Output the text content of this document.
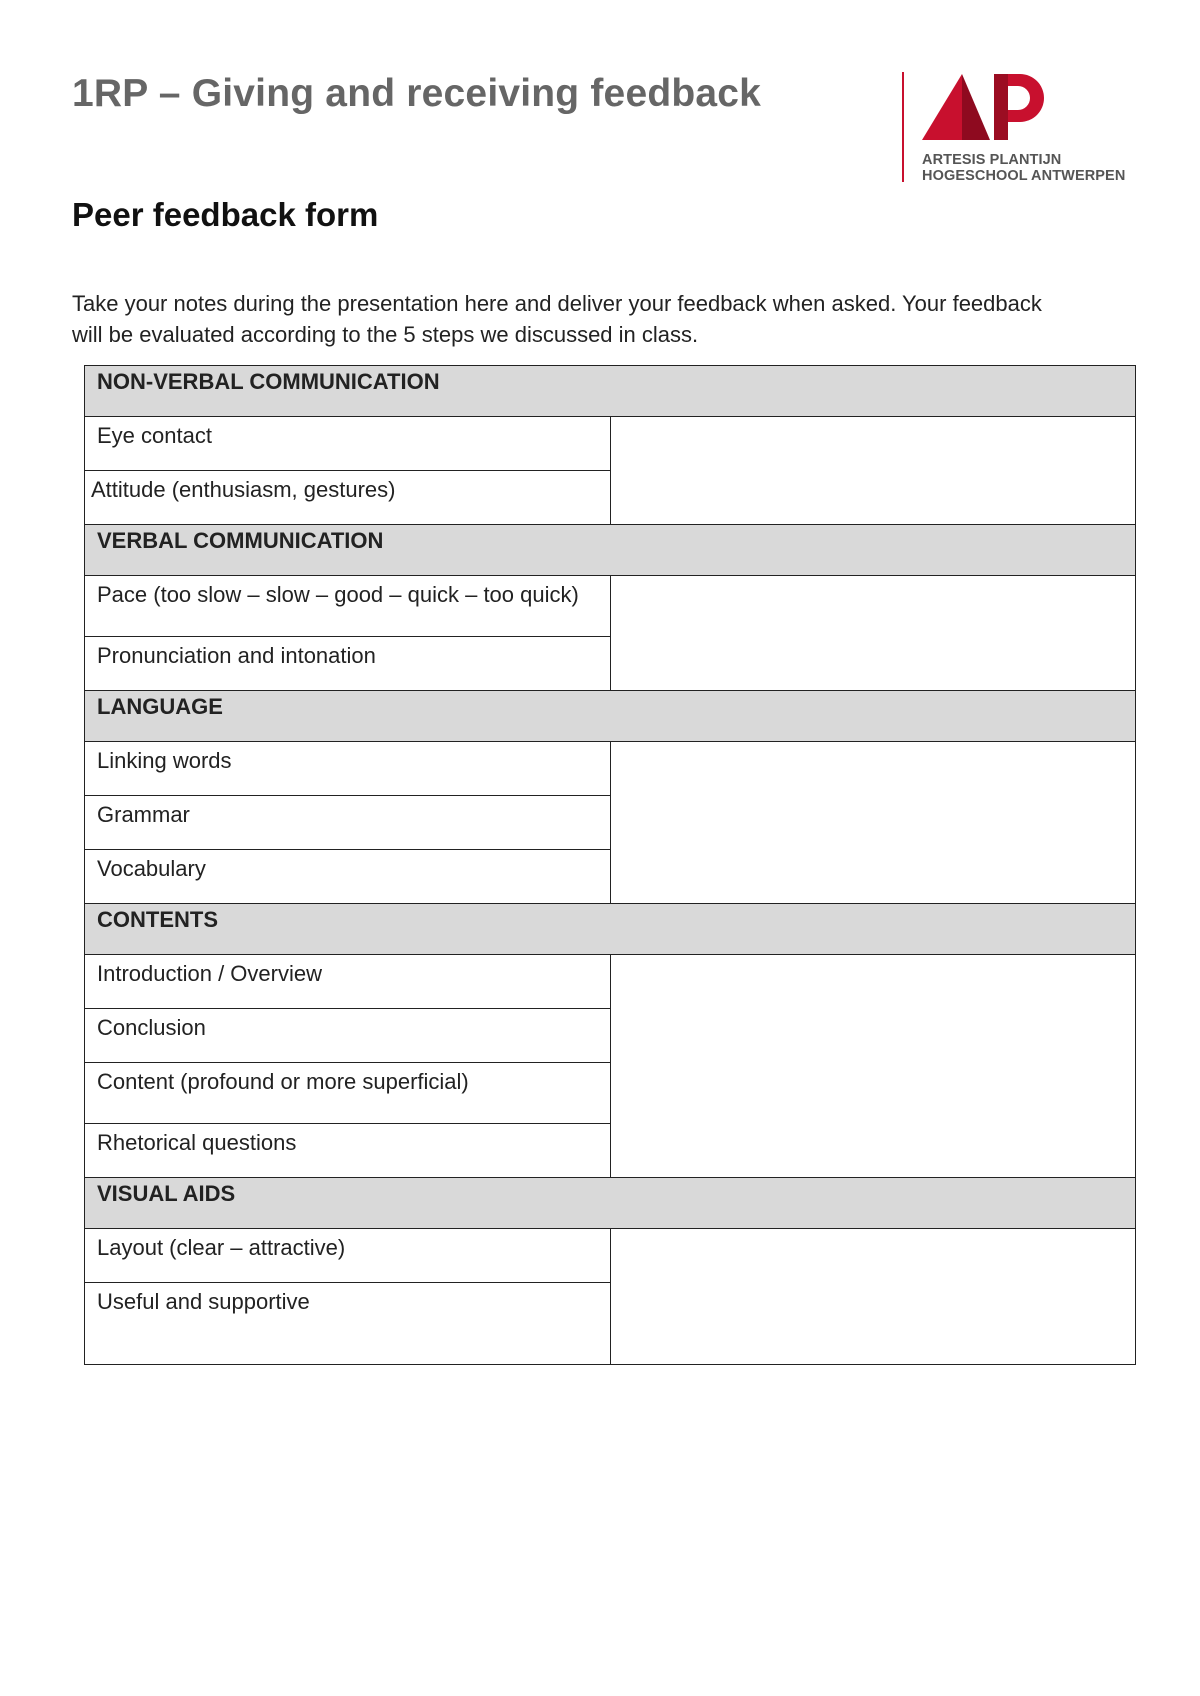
1RP – Giving and receiving feedback
ARTESIS PLANTIJN
HOGESCHOOL ANTWERPEN
Peer feedback form

Take your notes during the presentation here and deliver your feedback when asked. Your feedback will be evaluated according to the 5 steps we discussed in class.

NON-VERBAL COMMUNICATION	
Eye contact	
Attitude (enthusiasm, gestures)	
VERBAL COMMUNICATION	
Pace (too slow – slow – good – quick – too quick)	
Pronunciation and intonation	
LANGUAGE	
Linking words	
Grammar	
Vocabulary	
CONTENTS	
Introduction / Overview	
Conclusion	
Content (profound or more superficial)	
Rhetorical questions	
VISUAL AIDS	
Layout (clear – attractive)	
Useful and supportive	
